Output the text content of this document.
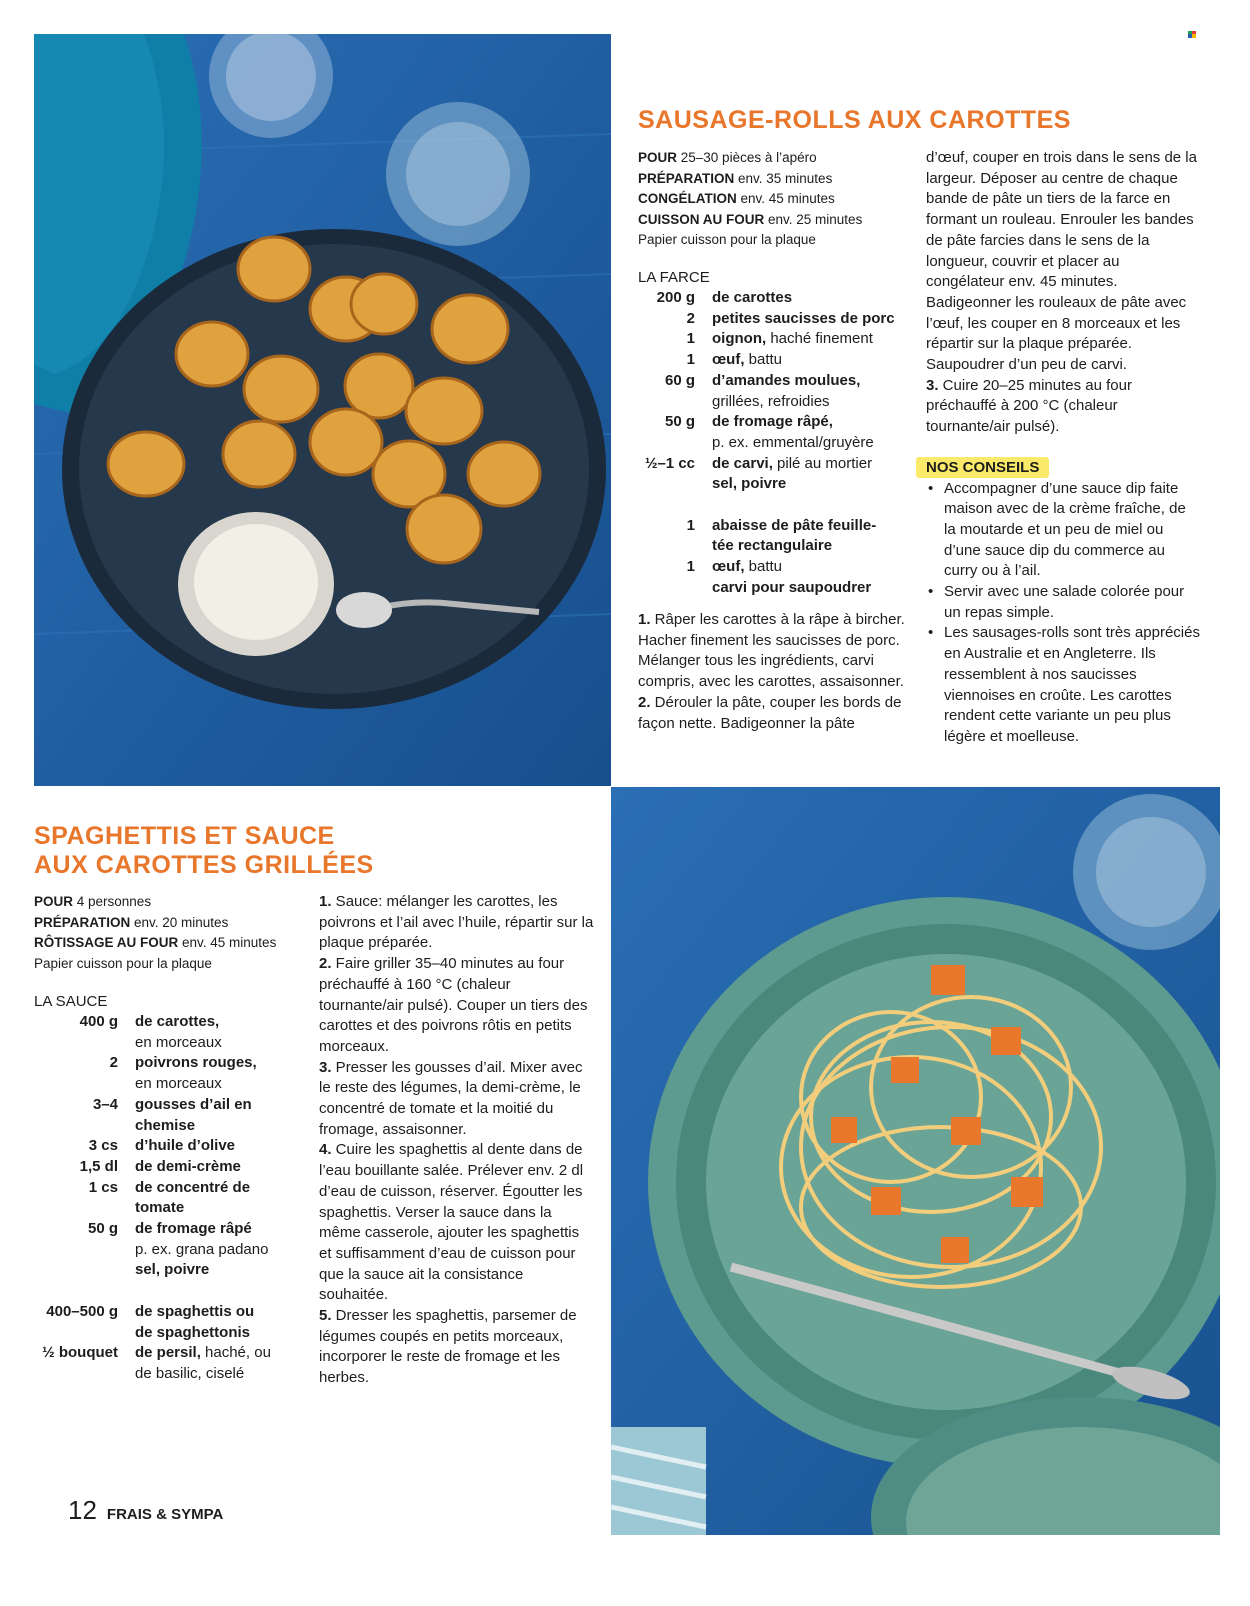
SAUSAGE-ROLLS AUX CAROTTES
POUR 25–30 pièces à l’apéro
PRÉPARATION env. 35 minutes
CONGÉLATION env. 45 minutes
CUISSON AU FOUR env. 25 minutes
Papier cuisson pour la plaque
LA FARCE
200 g de carottes
2 petites saucisses de porc
1 oignon, haché finement
1 œuf, battu
60 g d’amandes moulues,
grillées, refroidies
50 g de fromage râpé,
p. ex. emmental/gruyère
½–1 cc de carvi, pilé au mortier
sel, poivre
1 abaisse de pâte feuille-
tée rectangulaire
1 œuf, battu
carvi pour saupoudrer

1. Râper les carottes à la râpe à bircher. Hacher finement les saucisses de porc. Mélanger tous les ingrédients, carvi compris, avec les carottes, assaisonner.

2. Dérouler la pâte, couper les bords de façon nette. Badigeonner la pâte

d’œuf, couper en trois dans le sens de la largeur. Déposer au centre de chaque bande de pâte un tiers de la farce en formant un rouleau. Enrouler les bandes de pâte farcies dans le sens de la longueur, couvrir et placer au congélateur env. 45 minutes. Badigeonner les rouleaux de pâte avec l’œuf, les couper en 8 morceaux et les répartir sur la plaque préparée. Saupoudrer d’un peu de carvi.

3. Cuire 20–25 minutes au four préchauffé à 200 °C (chaleur tournante/air pulsé).

NOS CONSEILS

• Accompagner d’une sauce dip faite maison avec de la crème fraîche, de la moutarde et un peu de miel ou d’une sauce dip du commerce au curry ou à l’ail.
• Servir avec une salade colorée pour un repas simple.
• Les sausages-rolls sont très appréciés en Australie et en Angleterre. Ils ressemblent à nos saucisses viennoises en croûte. Les carottes rendent cette variante un peu plus légère et moelleuse.
SPAGHETTIS ET SAUCE
AUX CAROTTES GRILLÉES
POUR 4 personnes
PRÉPARATION env. 20 minutes
RÔTISSAGE AU FOUR env. 45 minutes
Papier cuisson pour la plaque
LA SAUCE
400 g de carottes,
en morceaux
2 poivrons rouges,
en morceaux
3–4 gousses d’ail en
chemise
3 cs d’huile d’olive
1,5 dl de demi-crème
1 cs de concentré de
tomate
50 g de fromage râpé
p. ex. grana padano
sel, poivre
400–500 g de spaghettis ou
de spaghettonis
½ bouquet de persil, haché, ou
de basilic, ciselé

1. Sauce: mélanger les carottes, les poivrons et l’ail avec l’huile, répartir sur la plaque préparée.

2. Faire griller 35–40 minutes au four préchauffé à 160 °C (chaleur tournante/air pulsé). Couper un tiers des carottes et des poivrons rôtis en petits morceaux.

3. Presser les gousses d’ail. Mixer avec le reste des légumes, la demi-crème, le concentré de tomate et la moitié du fromage, assaisonner.

4. Cuire les spaghettis al dente dans de l’eau bouillante salée. Prélever env. 2 dl d’eau de cuisson, réserver. Égoutter les spaghettis. Verser la sauce dans la même casserole, ajouter les spaghettis et suffisamment d’eau de cuisson pour que la sauce ait la consistance souhaitée.

5. Dresser les spaghettis, parsemer de légumes coupés en petits morceaux, incorporer le reste de fromage et les herbes.

12 FRAIS & SYMPA
